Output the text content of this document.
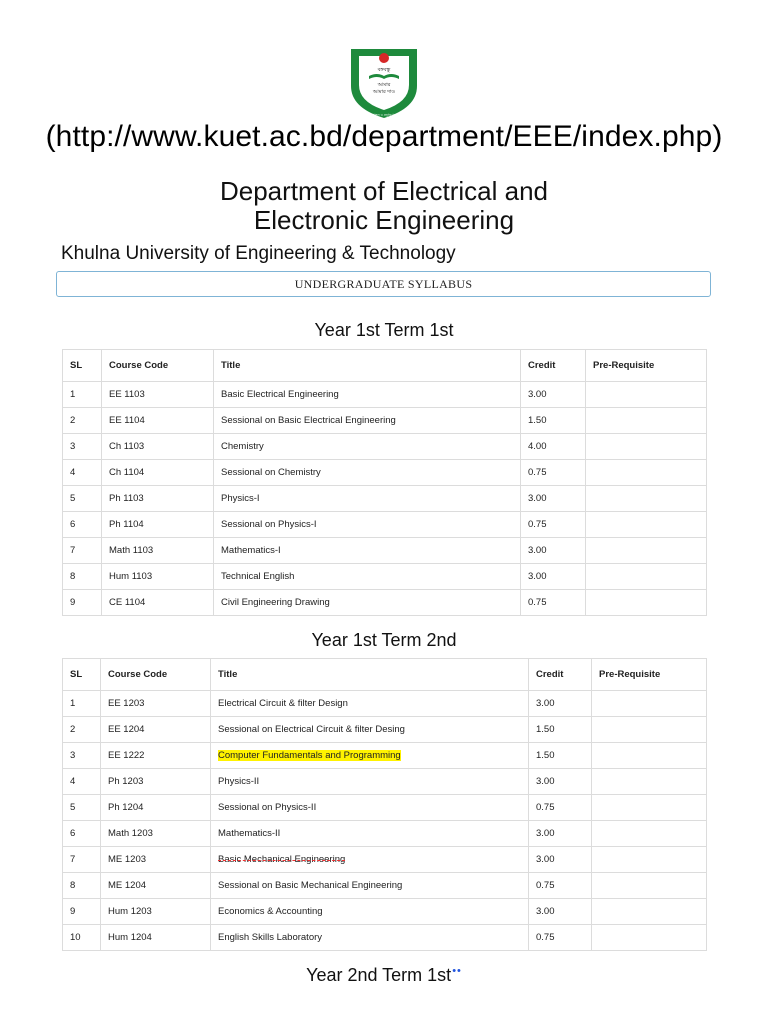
বঙ্গবন্ধু
আমার
আমার দাও
খুলনা প্রকৌশল ও প্রযুক্তি বিশ্ববিদ্যালয়
(http://www.kuet.ac.bd/department/EEE/index.php)
Department of Electrical and
Electronic Engineering
Khulna University of Engineering & Technology
UNDERGRADUATE SYLLABUS
Year 1st Term 1st
SL	Course Code	Title	Credit	Pre-Requisite
1	EE 1103	Basic Electrical Engineering	3.00	
2	EE 1104	Sessional on Basic Electrical Engineering	1.50	
3	Ch 1103	Chemistry	4.00	
4	Ch 1104	Sessional on Chemistry	0.75	
5	Ph 1103	Physics-I	3.00	
6	Ph 1104	Sessional on Physics-I	0.75	
7	Math 1103	Mathematics-I	3.00	
8	Hum 1103	Technical English	3.00	
9	CE 1104	Civil Engineering Drawing	0.75	
Year 1st Term 2nd
SL	Course Code	Title	Credit	Pre-Requisite
1	EE 1203	Electrical Circuit & filter Design	3.00	
2	EE 1204	Sessional on Electrical Circuit & filter Desing	1.50	
3	EE 1222	Computer Fundamentals and Programming	1.50	
4	Ph 1203	Physics-II	3.00	
5	Ph 1204	Sessional on Physics-II	0.75	
6	Math 1203	Mathematics-II	3.00	
7	ME 1203	Basic Mechanical Engineering	3.00	
8	ME 1204	Sessional on Basic Mechanical Engineering	0.75	
9	Hum 1203	Economics & Accounting	3.00	
10	Hum 1204	English Skills Laboratory	0.75	
Year 2nd Term 1st••
